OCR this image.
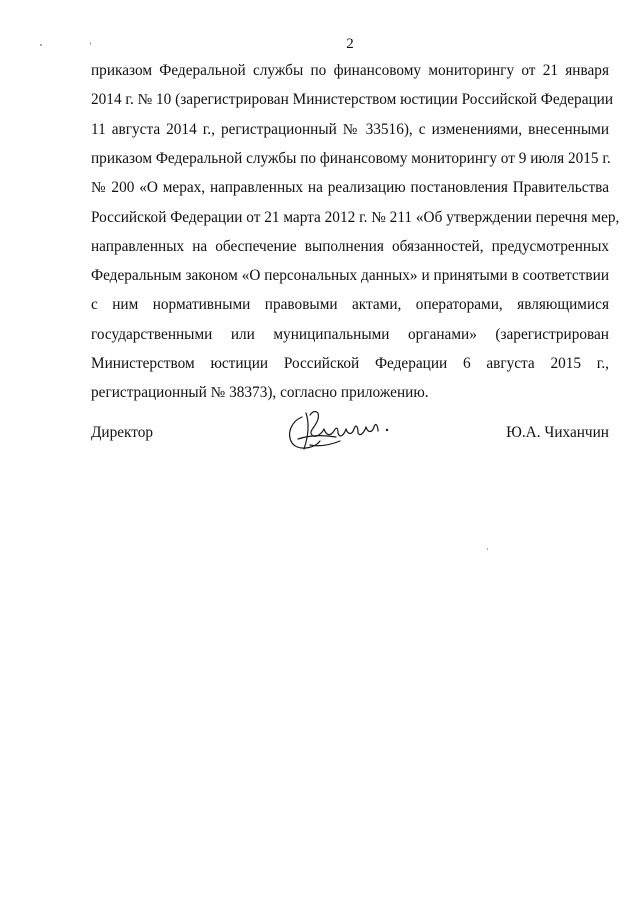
2
приказом Федеральной службы по финансовому мониторингу от 21 января
2014 г. № 10 (зарегистрирован Министерством юстиции Российской Федерации
11 августа 2014 г., регистрационный № 33516), с изменениями, внесенными
приказом Федеральной службы по финансовому мониторингу от 9 июля 2015 г.
№ 200 «О мерах, направленных на реализацию постановления Правительства
Российской Федерации от 21 марта 2012 г. № 211 «Об утверждении перечня мер,
направленных на обеспечение выполнения обязанностей, предусмотренных
Федеральным законом «О персональных данных» и принятыми в соответствии
с ним нормативными правовыми актами, операторами, являющимися
государственными или муниципальными органами» (зарегистрирован
Министерством юстиции Российской Федерации 6 августа 2015 г.,
регистрационный № 38373), согласно приложению.
Директор	Ю.А. Чиханчин
